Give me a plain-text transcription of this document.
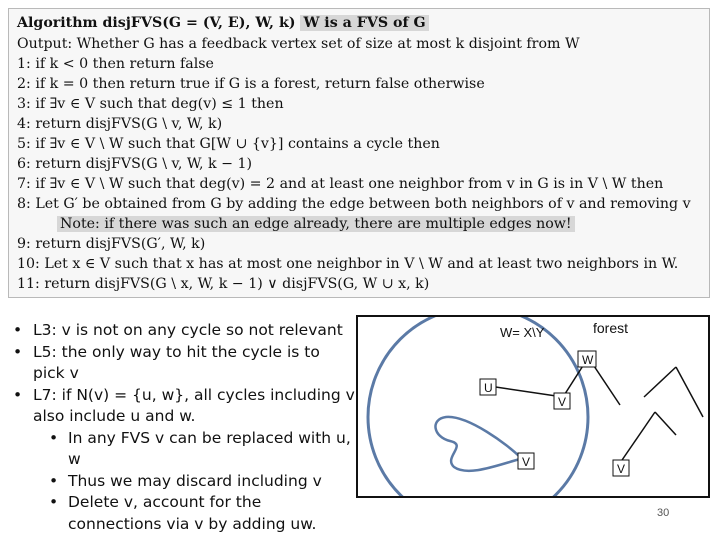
Algorithm disjFVS(G = (V, E), W, k) W is a FVS of G
Output: Whether G has a feedback vertex set of size at most k disjoint from W
1: if k < 0 then return false
2: if k = 0 then return true if G is a forest, return false otherwise
3: if ∃v ∈ V such that deg(v) ≤ 1 then
4: return disjFVS(G \ v, W, k)
5: if ∃v ∈ V \ W such that G[W ∪ {v}] contains a cycle then
6: return disjFVS(G \ v, W, k − 1)
7: if ∃v ∈ V \ W such that deg(v) = 2 and at least one neighbor from v in G is in V \ W then
8: Let G′ be obtained from G by adding the edge between both neighbors of v and removing v
Note: if there was such an edge already, there are multiple edges now!
9: return disjFVS(G′, W, k)
10: Let x ∈ V such that x has at most one neighbor in V \ W and at least two neighbors in W.
11: return disjFVS(G \ x, W, k − 1) ∨ disjFVS(G, W ∪ x, k)
• L3: v is not on any cycle so not relevant
• L5: the only way to hit the cycle is to pick v
• L7: if N(v) = {u, w}, all cycles including v also include u and w.
• In any FVS v can be replaced with u, w
• Thus we may discard including v
• Delete v, account for the connections via v by adding uw.
W= X\Y	forest
W
U
V
V	V
30
